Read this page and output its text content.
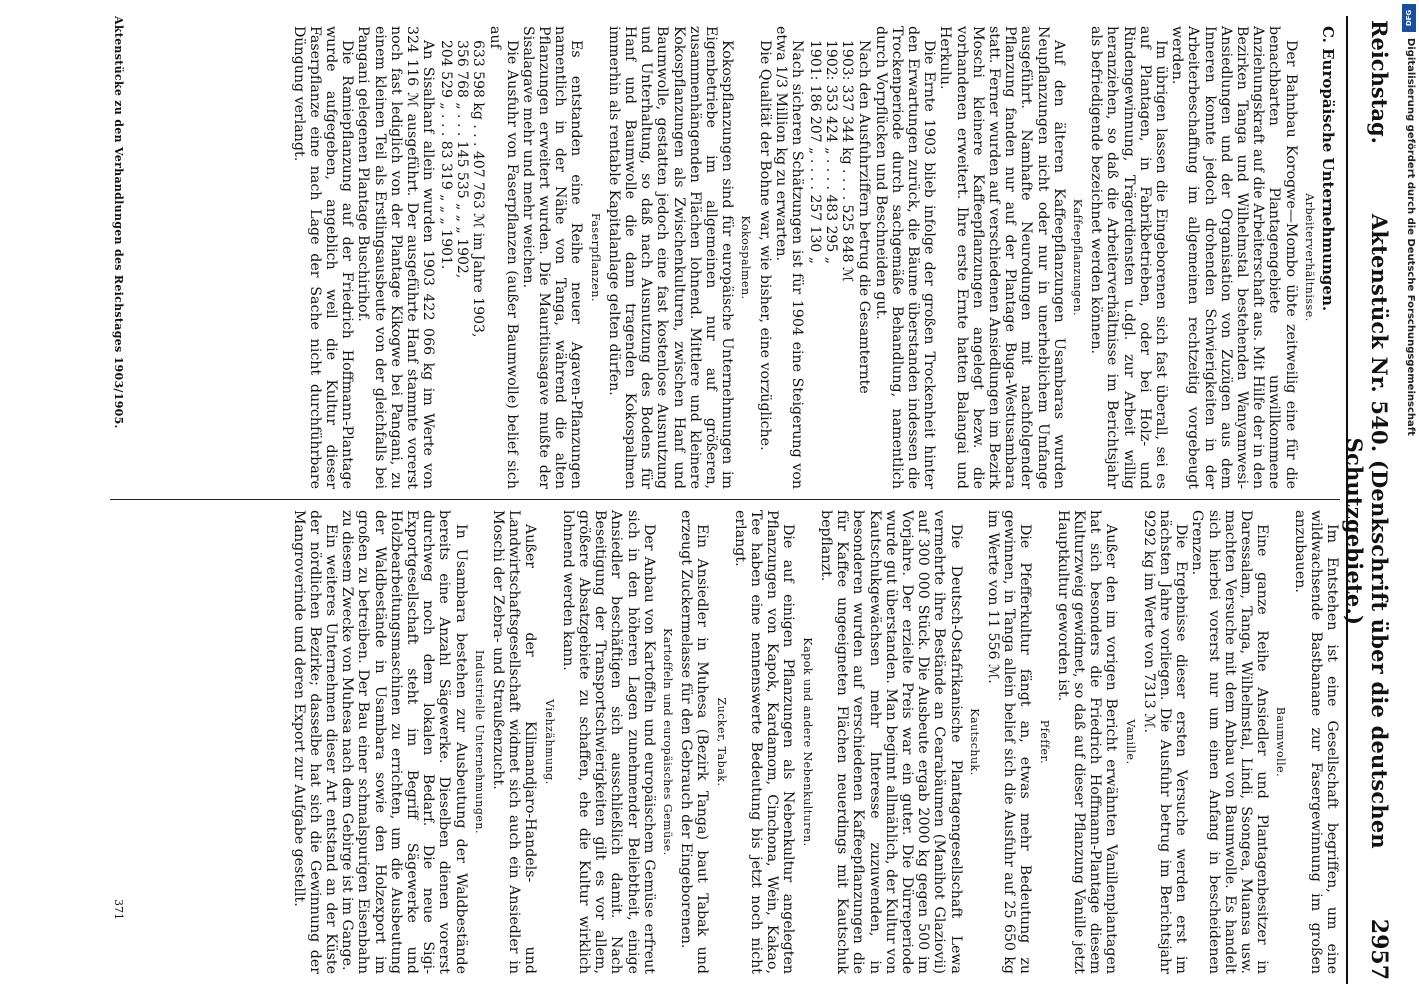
Reichstag.
Aktenstück Nr. 540. (Denkschrift über die deutschen Schutzgebiete.)
2957
C. Europäische Unternehmungen.
Arbeiterverhältnisse.

Der Bahnbau Korogwe—Mombo übte zeitweilig eine für die benachbarten Plantagengebiete unwillkommene Anziehungskraft auf die Arbeiterschaft aus. Mit Hilfe der in den Bezirken Tanga und Wilhelmstal bestehenden Wanyamwesi-Ansiedlungen und der Organisation von Zuzügen aus dem Inneren konnte jedoch drohenden Schwierigkeiten in der Arbeiterbeschaffung im allgemeinen rechtzeitig vorgebeugt werden.

Im übrigen lassen die Eingeborenen sich fast überall, sei es auf Plantagen, in Fabrikbetrieben, oder bei Holz- und Rindengewinnung, Trägerdiensten u.dgl. zur Arbeit willig heranziehen, so daß die Arbeiterverhältnisse im Berichtsjahr als befriedigende bezeichnet werden können.

Kaffeepflanzungen.

Auf den älteren Kaffeepflanzungen Usambaras wurden Neupflanzungen nicht oder nur in unerheblichem Umfange ausgeführt. Namhafte Neurodungen mit nachfolgender Pflanzung fanden nur auf der Plantage Buga-Westusambara statt. Ferner wurden auf verschiedenen Ansiedlungen im Bezirk Moschi kleinere Kaffeepflanzungen angelegt bezw. die vorhandenen erweitert. Ihre erste Ernte hatten Balangai und Herkulu.

Die Ernte 1903 blieb infolge der großen Trockenheit hinter den Erwartungen zurück, die Bäume überstanden indessen die Trockenperiode durch sachgemäße Behandlung, namentlich durch Vorpflücken und Beschneiden gut.

Nach den Ausfuhrziffern betrug die Gesamternte

1903: 337 344 kg . . . . 525 848 ℳ
1902: 353 424 „ . . . . 483 295 „
1901: 186 207 „ . . . . 257 130 „

Nach sicheren Schätzungen ist für 1904 eine Steigerung von etwa 1/3 Million kg zu erwarten.

Die Qualität der Bohne war, wie bisher, eine vorzügliche.

Kokospalmen.

Kokospflanzungen sind für europäische Unternehmungen im Eigenbetriebe im allgemeinen nur auf größeren, zusammenhängenden Flächen lohnend. Mittlere und kleinere Kokospflanzungen als Zwischenkulturen, zwischen Hanf und Baumwolle, gestatten jedoch eine fast kostenlose Ausnutzung und Unterhaltung, so daß nach Ausnutzung des Bodens für Hanf und Baumwolle die dann tragenden Kokospalmen immerhin als rentable Kapitalanlage gelten dürfen.

Faserpflanzen.

Es entstanden eine Reihe neuer Agaven-Pflanzungen namentlich in der Nähe von Tanga, während die alten Pflanzungen erweitert wurden. Die Mauritiusagave mußte der Sisalagave mehr und mehr weichen.

Die Ausfuhr von Faserpflanzen (außer Baumwolle) belief sich auf

633 598 kg . . . 407 763 ℳ im Jahre 1903,
356 768 „ . . . 145 535 „ „ „ 1902,
204 529 „ . . . 83 319 „ „ „ 1901.

An Sisalhanf allein wurden 1903 422 066 kg im Werte von 324 116 ℳ ausgeführt. Der ausgeführte Hanf stammte vorerst noch fast lediglich von der Plantage Kikogwe bei Pangani, zu einem kleinen Teil als Erstlingsausbeute von der gleichfalls bei Pangani gelegenen Plantage Buschirihof.

Die Ramiepflanzung auf der Friedrich Hoffmann-Plantage wurde aufgegeben, angeblich weil die Kultur dieser Faserpflanze eine nach Lage der Sache nicht durchführbare Düngung verlangt.

Im Entstehen ist eine Gesellschaft begriffen, um eine wildwachsende Bastbanane zur Fasergewinnung im großen anzubauen.

Baumwolle.

Eine ganze Reihe Ansiedler und Plantagenbesitzer in Daressalam, Tanga, Wilhelmstal, Lindi, Ssongea, Muansa usw. machten Versuche mit dem Anbau von Baumwolle. Es handelt sich hierbei vorerst nur um einen Anfang in bescheidenen Grenzen.

Die Ergebnisse dieser ersten Versuche werden erst im nächsten Jahre vorliegen. Die Ausfuhr betrug im Berichtsjahr 9292 kg im Werte von 7313 ℳ.

Vanille.

Außer den im vorigen Bericht erwähnten Vanillenplantagen hat sich besonders die Friedrich Hoffmann-Plantage diesem Kulturzweig gewidmet, so daß auf dieser Pflanzung Vanille jetzt Hauptkultur geworden ist.

Pfeffer.

Die Pfefferkultur fängt an, etwas mehr Bedeutung zu gewinnen, in Tanga allein belief sich die Ausfuhr auf 25 650 kg im Werte von 11 556 ℳ.

Kautschuk.

Die Deutsch-Ostafrikanische Plantagengesellschaft Lewa vermehrte ihre Bestände an Cearabäumen (Manihot Glaziovii) auf 300 000 Stück. Die Ausbeute ergab 2000 kg gegen 500 im Vorjahre. Der erzielte Preis war ein guter. Die Dürreperiode wurde gut überstanden. Man beginnt allmählich, der Kultur von Kautschukgewächsen mehr Interesse zuzuwenden, in besonderen wurden auf verschiedenen Kaffeepflanzungen die für Kaffee ungeeigneten Flächen neuerdings mit Kautschuk bepflanzt.

Kapok und andere Nebenkulturen.

Die auf einigen Pflanzungen als Nebenkultur angelegten Pflanzungen von Kapok, Kardamom, Cinchona, Wein, Kakao, Tee haben eine nennenswerte Bedeutung bis jetzt noch nicht erlangt.

Zucker, Tabak.

Ein Ansiedler in Muhesa (Bezirk Tanga) baut Tabak und erzeugt Zuckermelasse für den Gebrauch der Eingeborenen.

Kartoffeln und europäisches Gemüse.

Der Anbau von Kartoffeln und europäischem Gemüse erfreut sich in den höheren Lagen zunehmender Beliebtheit, einige Ansiedler beschäftigen sich ausschließlich damit. Nach Beseitigung der Transportschwierigkeiten gilt es vor allem, größere Absatzgebiete zu schaffen, ehe die Kultur wirklich lohnend werden kann.

Viehzähmung.

Außer der Kilimandjaro-Handels- und Landwirtschaftsgesellschaft widmet sich auch ein Ansiedler in Moschi der Zebra- und Straußenzucht.

Industrielle Unternehmungen.

In Usambara bestehen zur Ausbeutung der Waldbestände bereits eine Anzahl Sägewerke. Dieselben dienen vorerst durchweg noch dem lokalen Bedarf. Die neue Sigi-Exportgesellschaft steht im Begriff Sägewerke und Holzbearbeitungsmaschinen zu errichten, um die Ausbeutung der Waldbestände in Usambara sowie den Holzexport im großen zu betreiben. Der Bau einer schmalspurigen Eisenbahn zu diesem Zwecke von Muhesa nach dem Gebirge ist im Gange.

Ein weiteres Unternehmen dieser Art entstand an der Küste der nördlichen Bezirke; dasselbe hat sich die Gewinnung der Mangroverinde und deren Export zur Aufgabe gestellt.

Aktenstücke zu den Verhandlungen des Reichstages 1903/1905.
371
DFG
Digitalisierung gefördert durch die Deutsche Forschungsgemeinschaft
